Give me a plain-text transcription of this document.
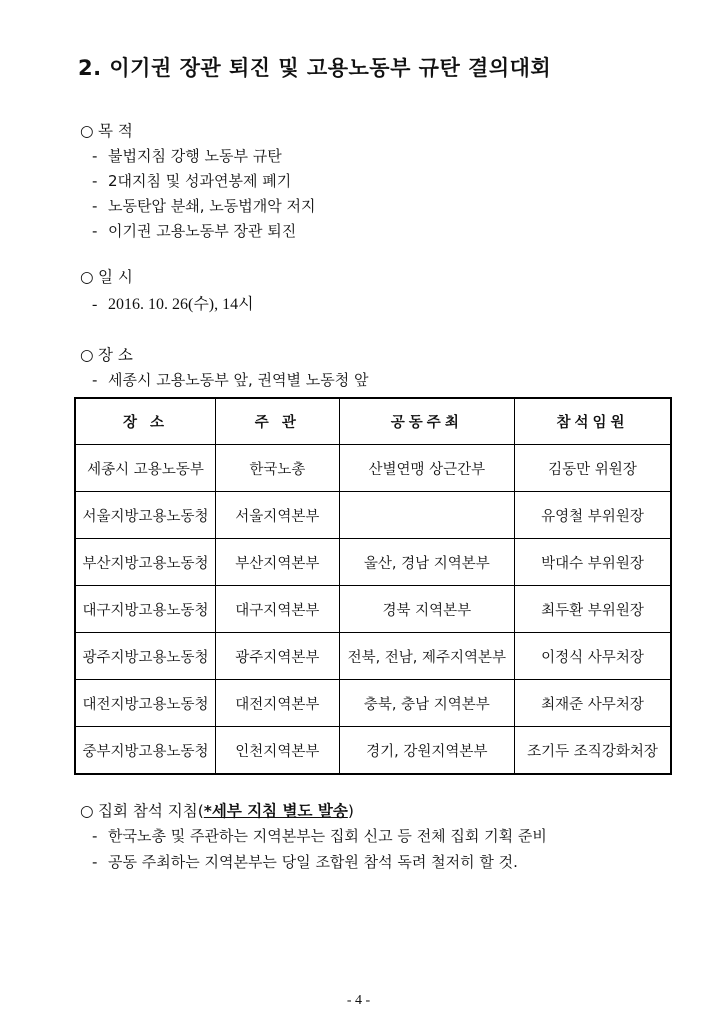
2. 이기권 장관 퇴진 및 고용노동부 규탄 결의대회
○ 목 적
- 불법지침 강행 노동부 규탄
- 2대지침 및 성과연봉제 폐기
- 노동탄압 분쇄, 노동법개악 저지
- 이기권 고용노동부 장관 퇴진
○ 일 시
- 2016. 10. 26(수), 14시
○ 장 소
- 세종시 고용노동부 앞, 권역별 노동청 앞
장 소	주 관	공동주최	참석임원
세종시 고용노동부	한국노총	산별연맹 상근간부	김동만 위원장
서울지방고용노동청	서울지역본부		유영철 부위원장
부산지방고용노동청	부산지역본부	울산, 경남 지역본부	박대수 부위원장
대구지방고용노동청	대구지역본부	경북 지역본부	최두환 부위원장
광주지방고용노동청	광주지역본부	전북, 전남, 제주지역본부	이정식 사무처장
대전지방고용노동청	대전지역본부	충북, 충남 지역본부	최재준 사무처장
중부지방고용노동청	인천지역본부	경기, 강원지역본부	조기두 조직강화처장
○ 집회 참석 지침(*세부 지침 별도 발송)
- 한국노총 및 주관하는 지역본부는 집회 신고 등 전체 집회 기획 준비
- 공동 주최하는 지역본부는 당일 조합원 참석 독려 철저히 할 것.
- 4 -
